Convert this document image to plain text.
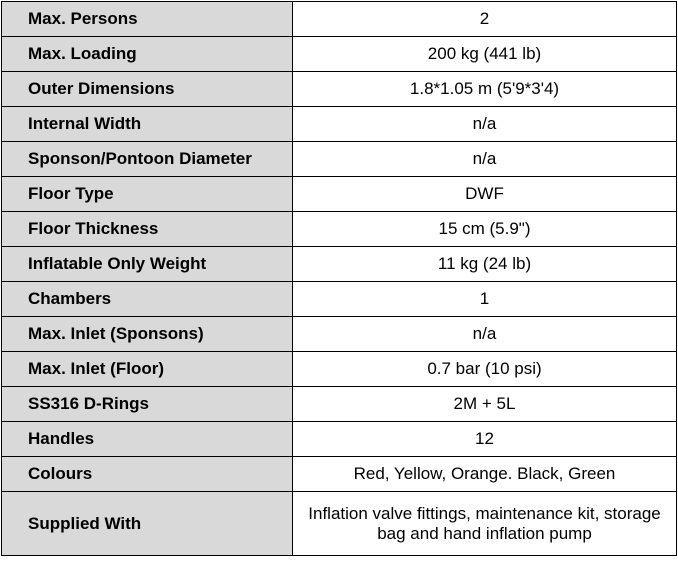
Max. Persons	2
Max. Loading	200 kg (441 lb)
Outer Dimensions	1.8*1.05 m (5'9*3'4)
Internal Width	n/a
Sponson/Pontoon Diameter	n/a
Floor Type	DWF
Floor Thickness	15 cm (5.9")
Inflatable Only Weight	11 kg (24 lb)
Chambers	1
Max. Inlet (Sponsons)	n/a
Max. Inlet (Floor)	0.7 bar (10 psi)
SS316 D-Rings	2M + 5L
Handles	12
Colours	Red, Yellow, Orange. Black, Green
Supplied With	Inflation valve fittings, maintenance kit, storage bag and hand inflation pump
